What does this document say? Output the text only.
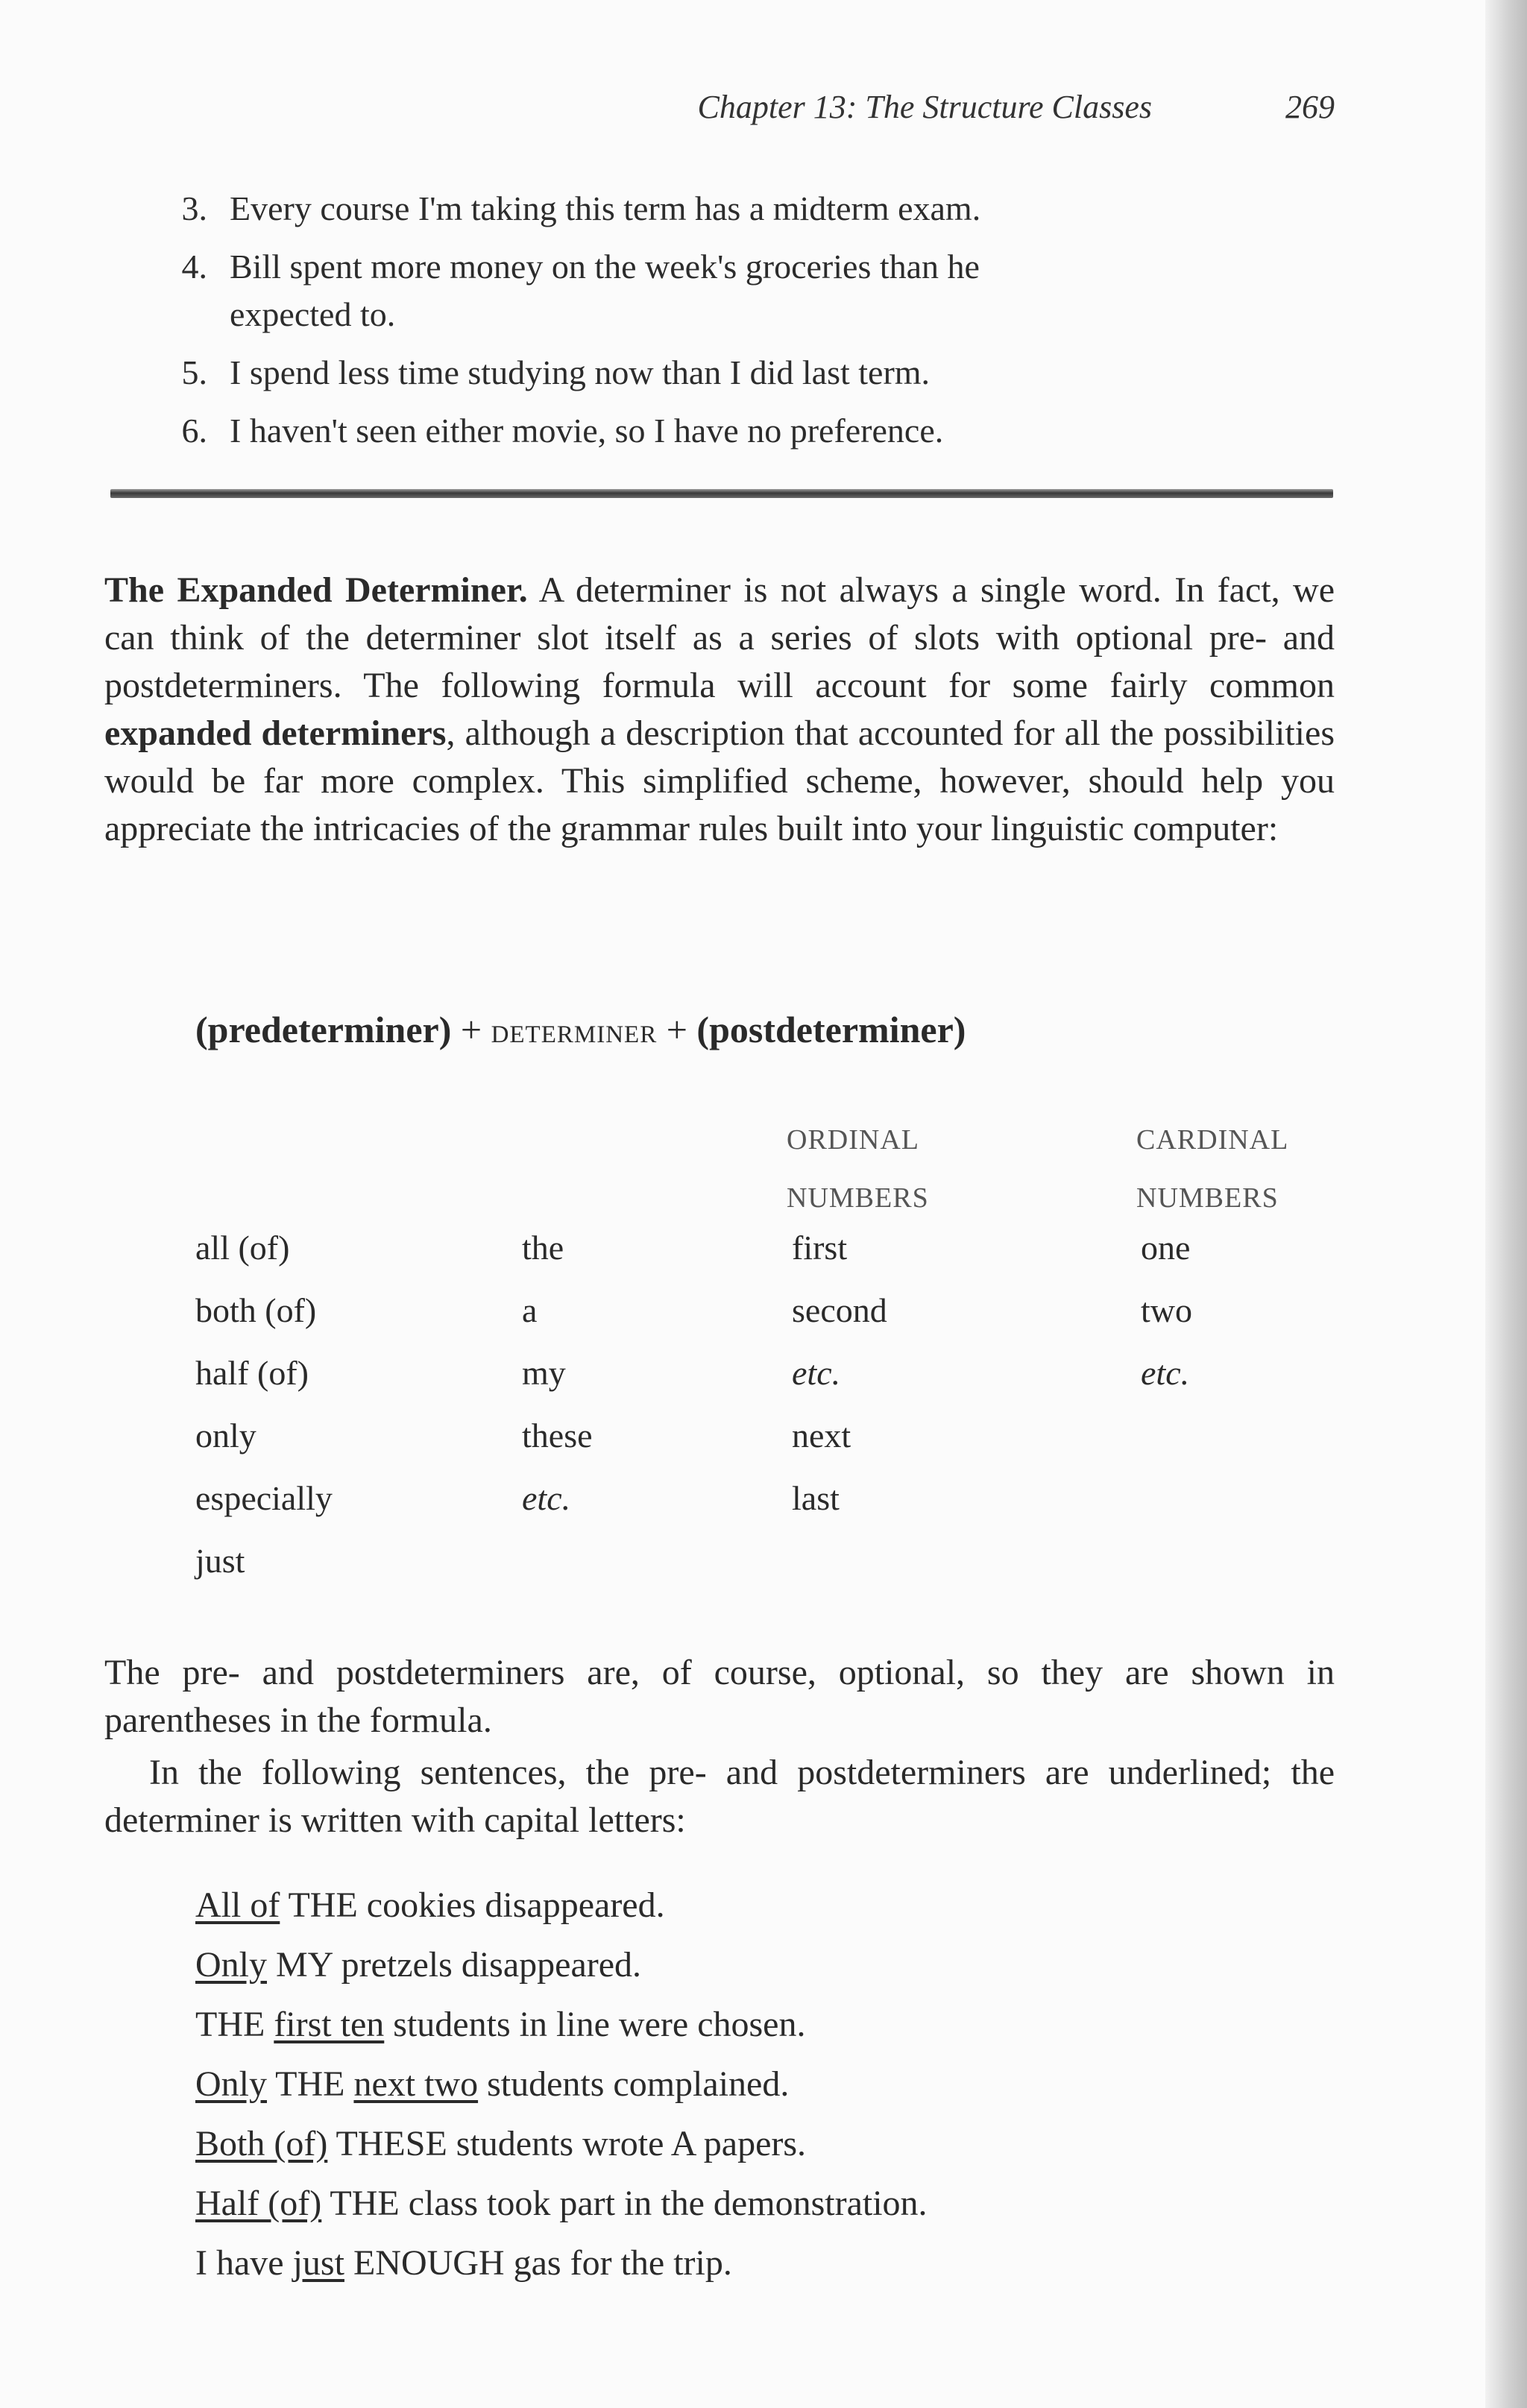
Chapter 13: The Structure Classes	269
3. Every course I'm taking this term has a midterm exam.
4. Bill spent more money on the week's groceries than he
expected to.
5. I spend less time studying now than I did last term.
6. I haven't seen either movie, so I have no preference.
The Expanded Determiner. A determiner is not always a single word. In fact, we can think of the determiner slot itself as a series of slots with optional pre- and postdeterminers. The following formula will account for some fairly common expanded determiners, although a description that accounted for all the possibilities would be far more complex. This simplified scheme, however, should help you appreciate the intricacies of the grammar rules built into your linguistic computer:
(predeterminer) + DETERMINER + (postdeterminer)
ORDINAL
NUMBERS
CARDINAL
NUMBERS
all (of)
both (of)
half (of)
only
especially
just
the
a
my
these
etc.
first
second
etc.
next
last
one
two
etc.
The pre- and postdeterminers are, of course, optional, so they are shown in parentheses in the formula.
In the following sentences, the pre- and postdeterminers are underlined; the determiner is written with capital letters:
All of THE cookies disappeared.
Only MY pretzels disappeared.
THE first ten students in line were chosen.
Only THE next two students complained.
Both (of) THESE students wrote A papers.
Half (of) THE class took part in the demonstration.
I have just ENOUGH gas for the trip.
